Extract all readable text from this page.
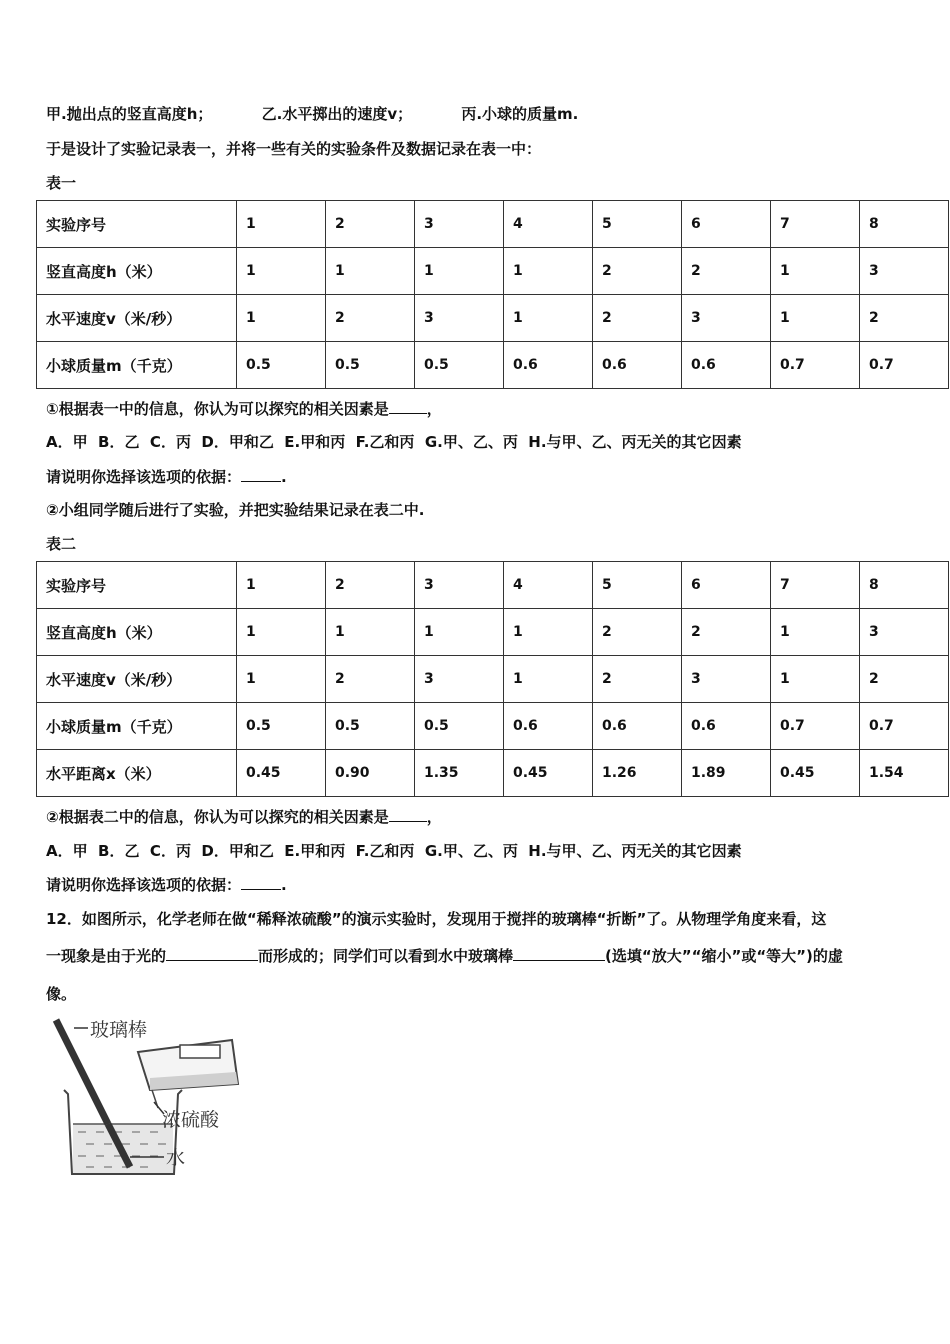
甲.抛出点的竖直高度h；	乙.水平掷出的速度v；	丙.小球的质量m.
于是设计了实验记录表一，并将一些有关的实验条件及数据记录在表一中：
表一
实验序号	1	2	3	4	5	6	7	8
竖直高度h（米）	1	1	1	1	2	2	1	3
水平速度v（米/秒）	1	2	3	1	2	3	1	2
小球质量m（千克）	0.5	0.5	0.5	0.6	0.6	0.6	0.7	0.7
①根据表一中的信息，你认为可以探究的相关因素是	，
A．甲  B．乙  C．丙  D．甲和乙  E.甲和丙  F.乙和丙  G.甲、乙、丙  H.与甲、乙、丙无关的其它因素
请说明你选择该选项的依据：	.
②小组同学随后进行了实验，并把实验结果记录在表二中.
表二
实验序号	1	2	3	4	5	6	7	8
竖直高度h（米）	1	1	1	1	2	2	1	3
水平速度v（米/秒）	1	2	3	1	2	3	1	2
小球质量m（千克）	0.5	0.5	0.5	0.6	0.6	0.6	0.7	0.7
水平距离x（米）	0.45	0.90	1.35	0.45	1.26	1.89	0.45	1.54
②根据表二中的信息，你认为可以探究的相关因素是	，
A．甲  B．乙  C．丙  D．甲和乙  E.甲和丙  F.乙和丙  G.甲、乙、丙  H.与甲、乙、丙无关的其它因素
请说明你选择该选项的依据：	.
12．如图所示，化学老师在做“稀释浓硫酸”的演示实验时，发现用于搅拌的玻璃棒“折断”了。从物理学角度来看，这
一现象是由于光的	而形成的；同学们可以看到水中玻璃棒	(选填“放大”“缩小”或“等大”)的虚
像。
玻璃棒
浓硫酸
水
